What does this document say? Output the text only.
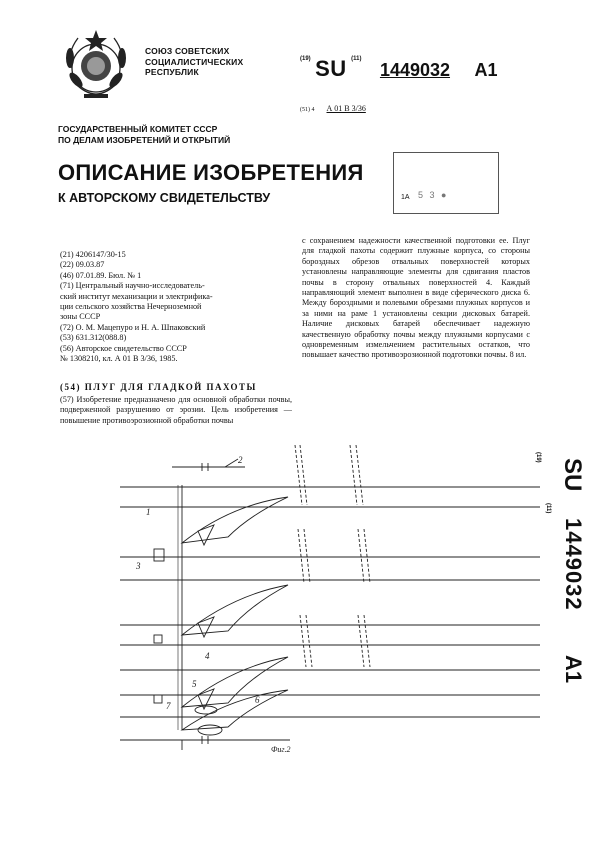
СОЮЗ СОВЕТСКИХ
СОЦИАЛИСТИЧЕСКИХ
РЕСПУБЛИК
$^{(19)}$ SU $^{(11)}$ 1449032 A1
(51) 4 А 01 В 3/36
ГОСУДАРСТВЕННЫЙ КОМИТЕТ СССР
ПО ДЕЛАМ ИЗОБРЕТЕНИЙ И ОТКРЫТИЙ
ОПИСАНИЕ ИЗОБРЕТЕНИЯ
К АВТОРСКОМУ СВИДЕТЕЛЬСТВУ	1A 5 3 ●
(21) 4206147/30-15
(22) 09.03.87
(46) 07.01.89. Бюл. № 1
(71) Центральный научно-исследователь-
ский институт механизации и электрифика-
ции сельского хозяйства Нечерноземной
зоны СССР
(72) О. М. Мацепуро и Н. А. Шпаковский
(53) 631.312(088.8)
(56) Авторское свидетельство СССР
№ 1308210, кл. А 01 В 3/36, 1985.
(54) ПЛУГ ДЛЯ ГЛАДКОЙ ПАХОТЫ

(57) Изобретение предназначено для основной обработки почвы, подверженной разрушению от эрозии. Цель изобретения — повышение противоэрозионной обработки почвы

с сохранением надежности качественной подготовки ее. Плуг для гладкой пахоты содержит плужные корпуса, со стороны бороздных обрезов отвальных поверхностей которых установлены направляющие элементы для сдвигания пластов почвы в сторону отвальных поверхностей 4. Каждый направляющий элемент выполнен в виде сферического диска 6. Между бороздными и полевыми обрезами плужных корпусов и за ними на раме 1 установлены секции дисковых батарей. Наличие дисковых батарей обеспечивает надежную качественную обработку почвы между плужными корпусами с одновременным измельчением растительных остатков, что повышает качество противоэрозионной подготовки почвы. 8 ил.

(19)
SU
(11)
1449032
A1
2
1
3
4
5
6
7
Фиг.2
